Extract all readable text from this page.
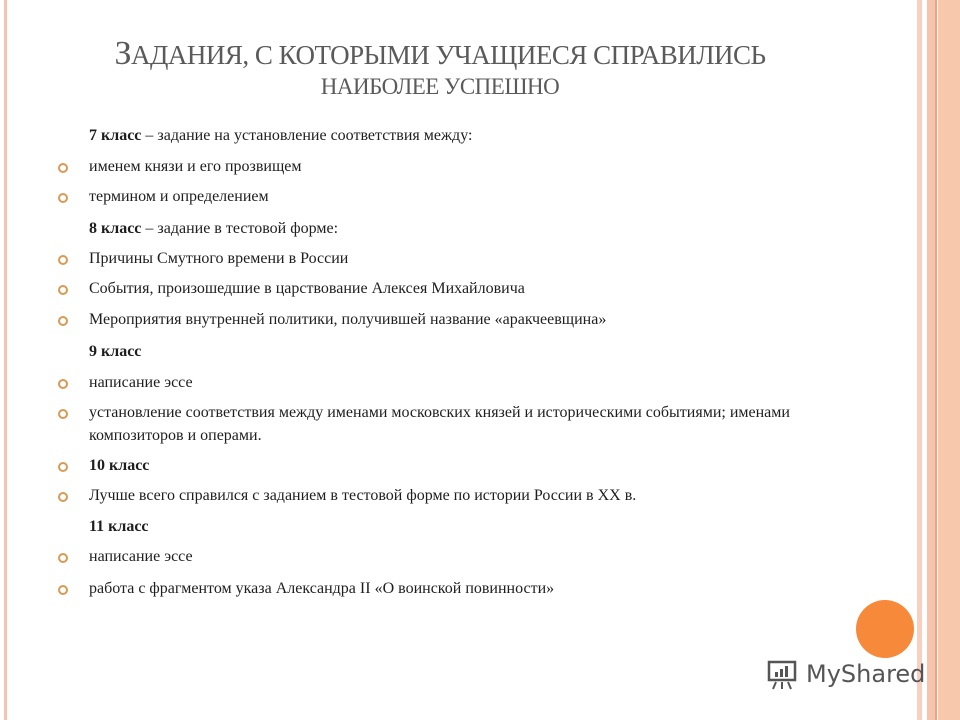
ЗАДАНИЯ, С КОТОРЫМИ УЧАЩИЕСЯ СПРАВИЛИСЬ
НАИБОЛЕЕ УСПЕШНО
7 класс – задание на установление соответствия между:
именем князи и его прозвищем
термином и определением
8 класс – задание в тестовой форме:
Причины Смутного времени в России
События, произошедшие в царствование Алексея Михайловича
Мероприятия внутренней политики, получившей название «аракчеевщина»
9 класс
написание эссе
установление соответствия между именами московских князей и историческими событиями; именами композиторов и операми.
10 класс
Лучше всего справился с заданием в тестовой форме по истории России в XX в.
11 класс
написание эссе
работа с фрагментом указа Александра II «О воинской повинности»
MyShared
